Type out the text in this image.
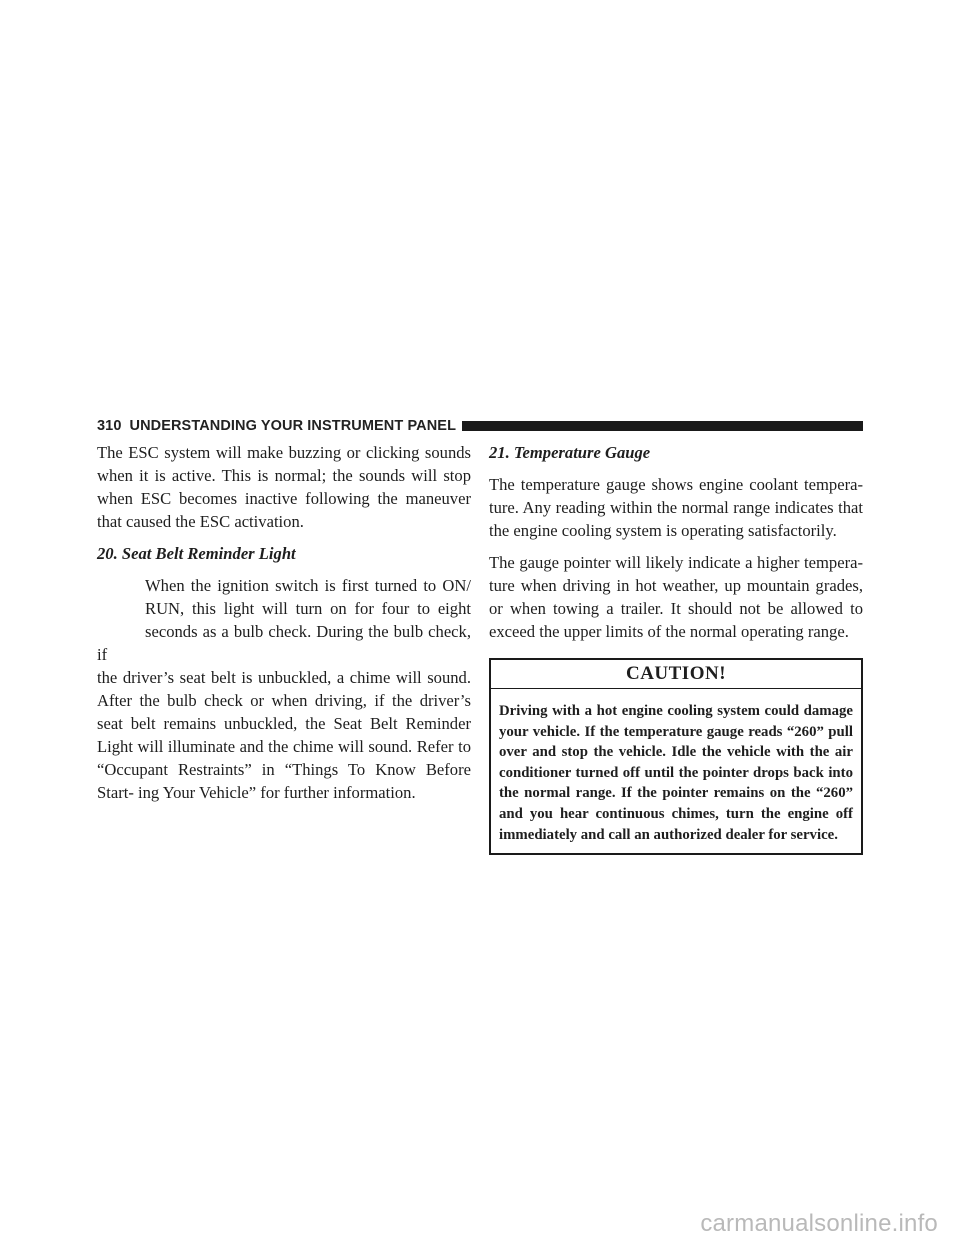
310 UNDERSTANDING YOUR INSTRUMENT PANEL

The ESC system will make buzzing or clicking sounds when it is active. This is normal; the sounds will stop when ESC becomes inactive following the maneuver that caused the ESC activation.

20. Seat Belt Reminder Light

When the ignition switch is first turned to ON/ RUN, this light will turn on for four to eight seconds as a bulb check. During the bulb check, if

the driver’s seat belt is unbuckled, a chime will sound. After the bulb check or when driving, if the driver’s seat belt remains unbuckled, the Seat Belt Reminder Light will illuminate and the chime will sound. Refer to “Occupant Restraints” in “Things To Know Before Start- ing Your Vehicle” for further information.

21. Temperature Gauge

The temperature gauge shows engine coolant tempera- ture. Any reading within the normal range indicates that the engine cooling system is operating satisfactorily.

The gauge pointer will likely indicate a higher tempera- ture when driving in hot weather, up mountain grades, or when towing a trailer. It should not be allowed to exceed the upper limits of the normal operating range.

CAUTION!
Driving with a hot engine cooling system could damage your vehicle. If the temperature gauge reads “260” pull over and stop the vehicle. Idle the vehicle with the air conditioner turned off until the pointer drops back into the normal range. If the pointer remains on the “260” and you hear continuous chimes, turn the engine off immediately and call an authorized dealer for service.
carmanualsonline.info
